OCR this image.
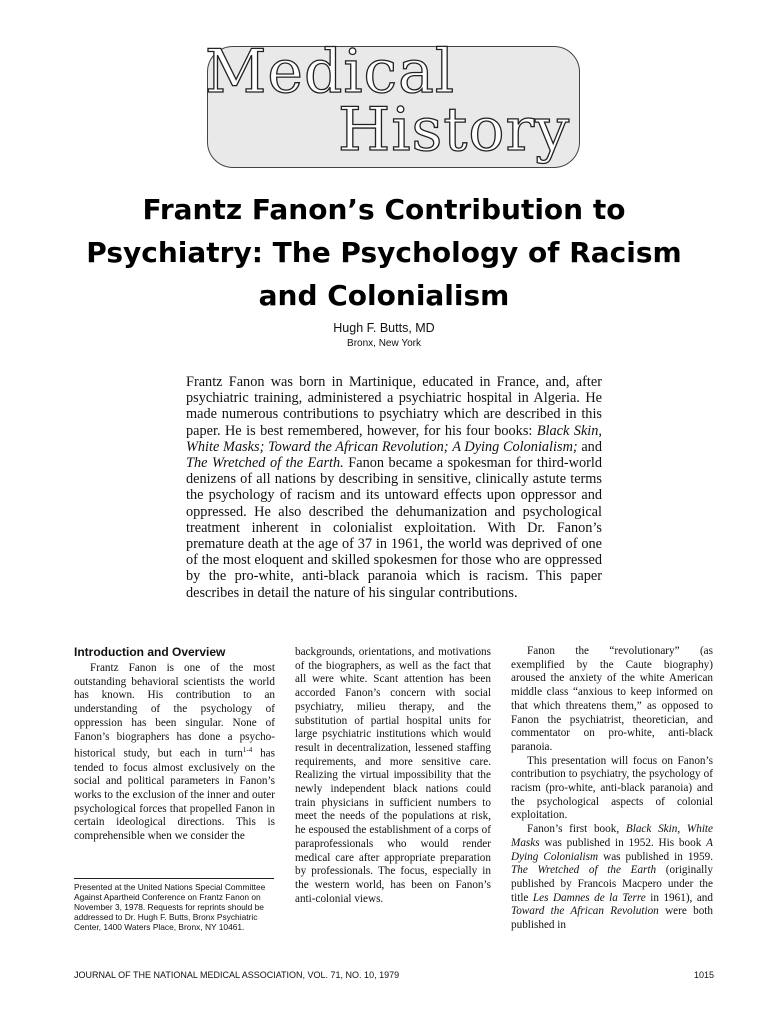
Medical
History
Frantz Fanon’s Contribution to
Psychiatry: The Psychology of Racism
and Colonialism
Hugh F. Butts, MD
Bronx, New York

Frantz Fanon was born in Martinique, educated in France, and, after psychiatric training, administered a psychiatric hospital in Algeria. He made numerous contributions to psychiatry which are described in this paper. He is best remembered, however, for his four books: Black Skin, White Masks; Toward the African Revolution; A Dying Colonialism; and The Wretched of the Earth. Fanon became a spokesman for third-world denizens of all nations by describing in sensitive, clinically astute terms the psychology of racism and its untoward effects upon oppressor and oppressed. He also described the dehumanization and psychological treatment inherent in colonialist exploitation. With Dr. Fanon’s premature death at the age of 37 in 1961, the world was deprived of one of the most eloquent and skilled spokesmen for those who are oppressed by the pro-white, anti-black paranoia which is racism. This paper describes in detail the nature of his singular contributions.

Introduction and Overview

Frantz Fanon is one of the most outstanding behavioral scientists the world has known. His contribution to an understanding of the psychology of oppression has been singular. None of Fanon’s biographers has done a psycho-historical study, but each in turn$^{1-4}$ has tended to focus almost exclusively on the social and political parameters in Fanon’s works to the exclusion of the inner and outer psychological forces that propelled Fanon in certain ideological directions. This is comprehensible when we consider the

Presented at the United Nations Special Committee Against Apartheid Conference on Frantz Fanon on November 3, 1978. Requests for reprints should be addressed to Dr. Hugh F. Butts, Bronx Psychiatric Center, 1400 Waters Place, Bronx, NY 10461.

backgrounds, orientations, and motivations of the biographers, as well as the fact that all were white. Scant attention has been accorded Fanon’s concern with social psychiatry, milieu therapy, and the substitution of partial hospital units for large psychiatric institutions which would result in decentralization, lessened staffing requirements, and more sensitive care. Realizing the virtual impossibility that the newly independent black nations could train physicians in sufficient numbers to meet the needs of the populations at risk, he espoused the establishment of a corps of paraprofessionals who would render medical care after appropriate preparation by professionals. The focus, especially in the western world, has been on Fanon’s anti-colonial views.

Fanon the “revolutionary” (as exemplified by the Caute biography) aroused the anxiety of the white American middle class “anxious to keep informed on that which threatens them,” as opposed to Fanon the psychiatrist, theoretician, and commentator on pro-white, anti-black paranoia.

This presentation will focus on Fanon’s contribution to psychiatry, the psychology of racism (pro-white, anti-black paranoia) and the psychological aspects of colonial exploitation.

Fanon’s first book, Black Skin, White Masks was published in 1952. His book A Dying Colonialism was published in 1959. The Wretched of the Earth (originally published by Francois Macpero under the title Les Damnes de la Terre in 1961), and Toward the African Revolution were both published in

JOURNAL OF THE NATIONAL MEDICAL ASSOCIATION, VOL. 71, NO. 10, 1979	1015
